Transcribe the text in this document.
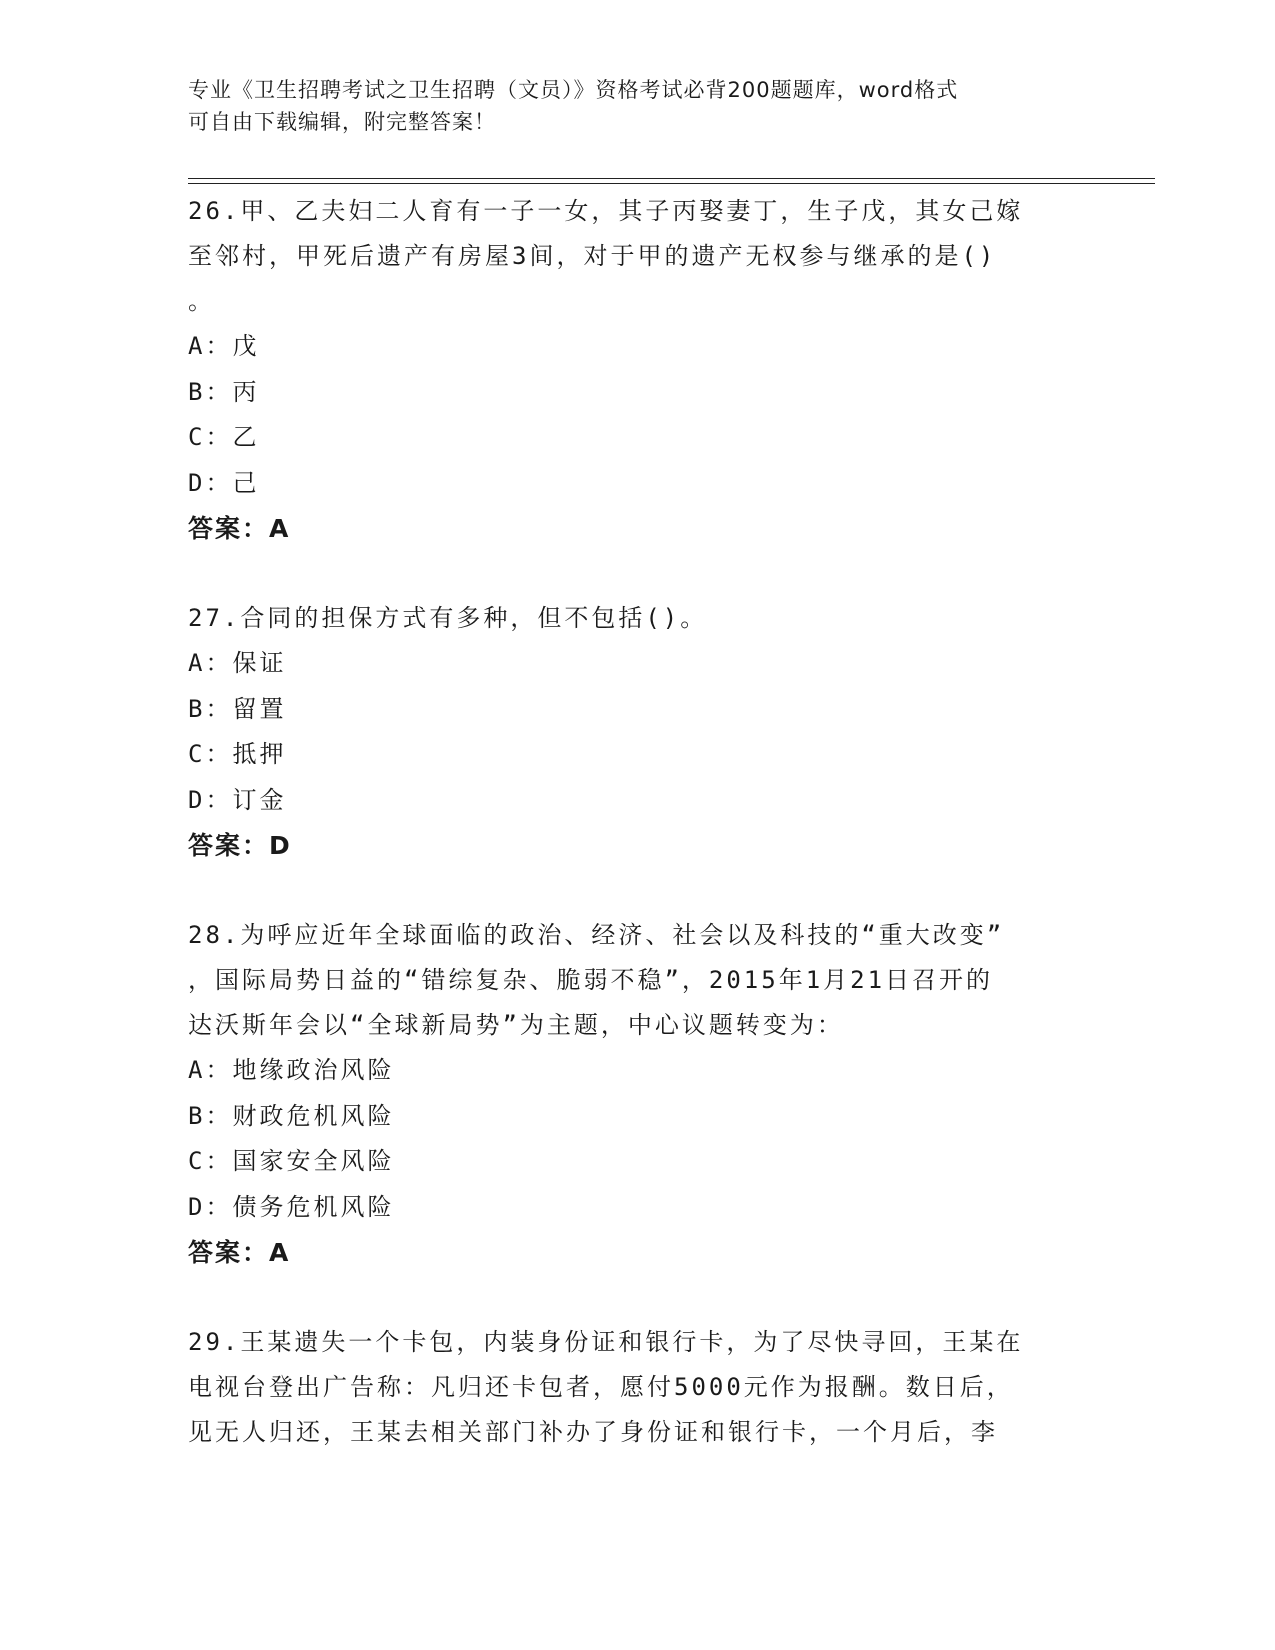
专业《卫生招聘考试之卫生招聘（文员）》资格考试必背200题题库，word格式
可自由下载编辑，附完整答案！
26.甲、乙夫妇二人育有一子一女，其子丙娶妻丁，生子戊，其女己嫁
至邻村，甲死后遗产有房屋3间，对于甲的遗产无权参与继承的是()
。
A：戊
B：丙
C：乙
D：己
答案：A
27.合同的担保方式有多种，但不包括()。
A：保证
B：留置
C：抵押
D：订金
答案：D
28.为呼应近年全球面临的政治、经济、社会以及科技的“重大改变”
，国际局势日益的“错综复杂、脆弱不稳”，2015年1月21日召开的
达沃斯年会以“全球新局势”为主题，中心议题转变为：
A：地缘政治风险
B：财政危机风险
C：国家安全风险
D：债务危机风险
答案：A
29.王某遗失一个卡包，内装身份证和银行卡，为了尽快寻回，王某在
电视台登出广告称：凡归还卡包者，愿付5000元作为报酬。数日后，
见无人归还，王某去相关部门补办了身份证和银行卡，一个月后，李
